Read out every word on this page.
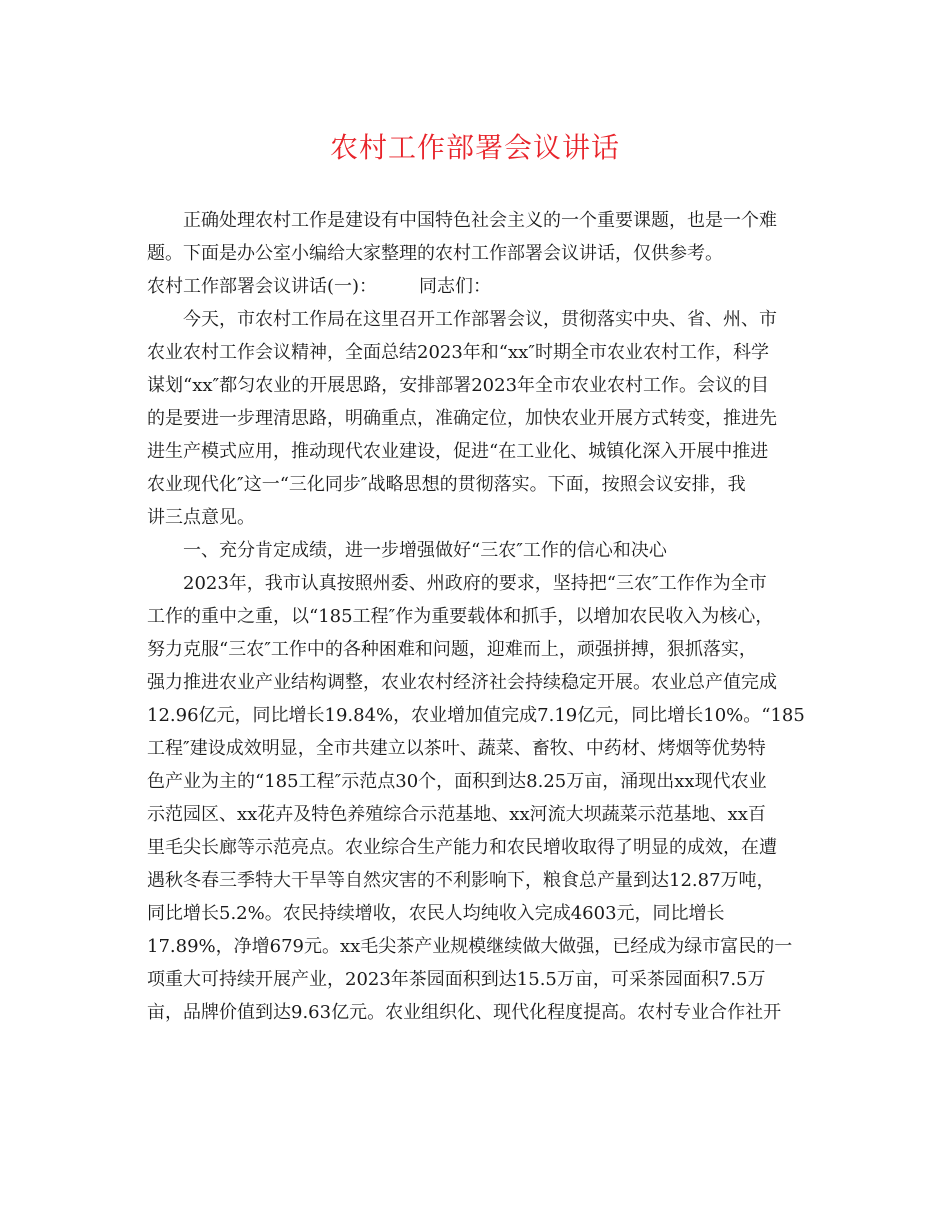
农村工作部署会议讲话
正确处理农村工作是建设有中国特色社会主义的一个重要课题，也是一个难
题。下面是办公室小编给大家整理的农村工作部署会议讲话，仅供参考。
农村工作部署会议讲话(一)： 同志们：
今天，市农村工作局在这里召开工作部署会议，贯彻落实中央、省、州、市
农业农村工作会议精神，全面总结2023年和“xx″时期全市农业农村工作，科学
谋划“xx″都匀农业的开展思路，安排部署2023年全市农业农村工作。会议的目
的是要进一步理清思路，明确重点，准确定位，加快农业开展方式转变，推进先
进生产模式应用，推动现代农业建设，促进“在工业化、城镇化深入开展中推进
农业现代化″这一“三化同步″战略思想的贯彻落实。下面，按照会议安排，我
讲三点意见。
一、充分肯定成绩，进一步增强做好“三农″工作的信心和决心
2023年，我市认真按照州委、州政府的要求，坚持把“三农″工作作为全市
工作的重中之重，以“185工程″作为重要载体和抓手，以增加农民收入为核心，
努力克服“三农″工作中的各种困难和问题，迎难而上，顽强拼搏，狠抓落实，
强力推进农业产业结构调整，农业农村经济社会持续稳定开展。农业总产值完成
12.96亿元，同比增长19.84%，农业增加值完成7.19亿元，同比增长10%。“185
工程″建设成效明显，全市共建立以茶叶、蔬菜、畜牧、中药材、烤烟等优势特
色产业为主的“185工程″示范点30个，面积到达8.25万亩，涌现出xx现代农业
示范园区、xx花卉及特色养殖综合示范基地、xx河流大坝蔬菜示范基地、xx百
里毛尖长廊等示范亮点。农业综合生产能力和农民增收取得了明显的成效，在遭
遇秋冬春三季特大干旱等自然灾害的不利影响下，粮食总产量到达12.87万吨，
同比增长5.2%。农民持续增收，农民人均纯收入完成4603元，同比增长
17.89%，净增679元。xx毛尖茶产业规模继续做大做强，已经成为绿市富民的一
项重大可持续开展产业，2023年茶园面积到达15.5万亩，可采茶园面积7.5万
亩，品牌价值到达9.63亿元。农业组织化、现代化程度提高。农村专业合作社开
